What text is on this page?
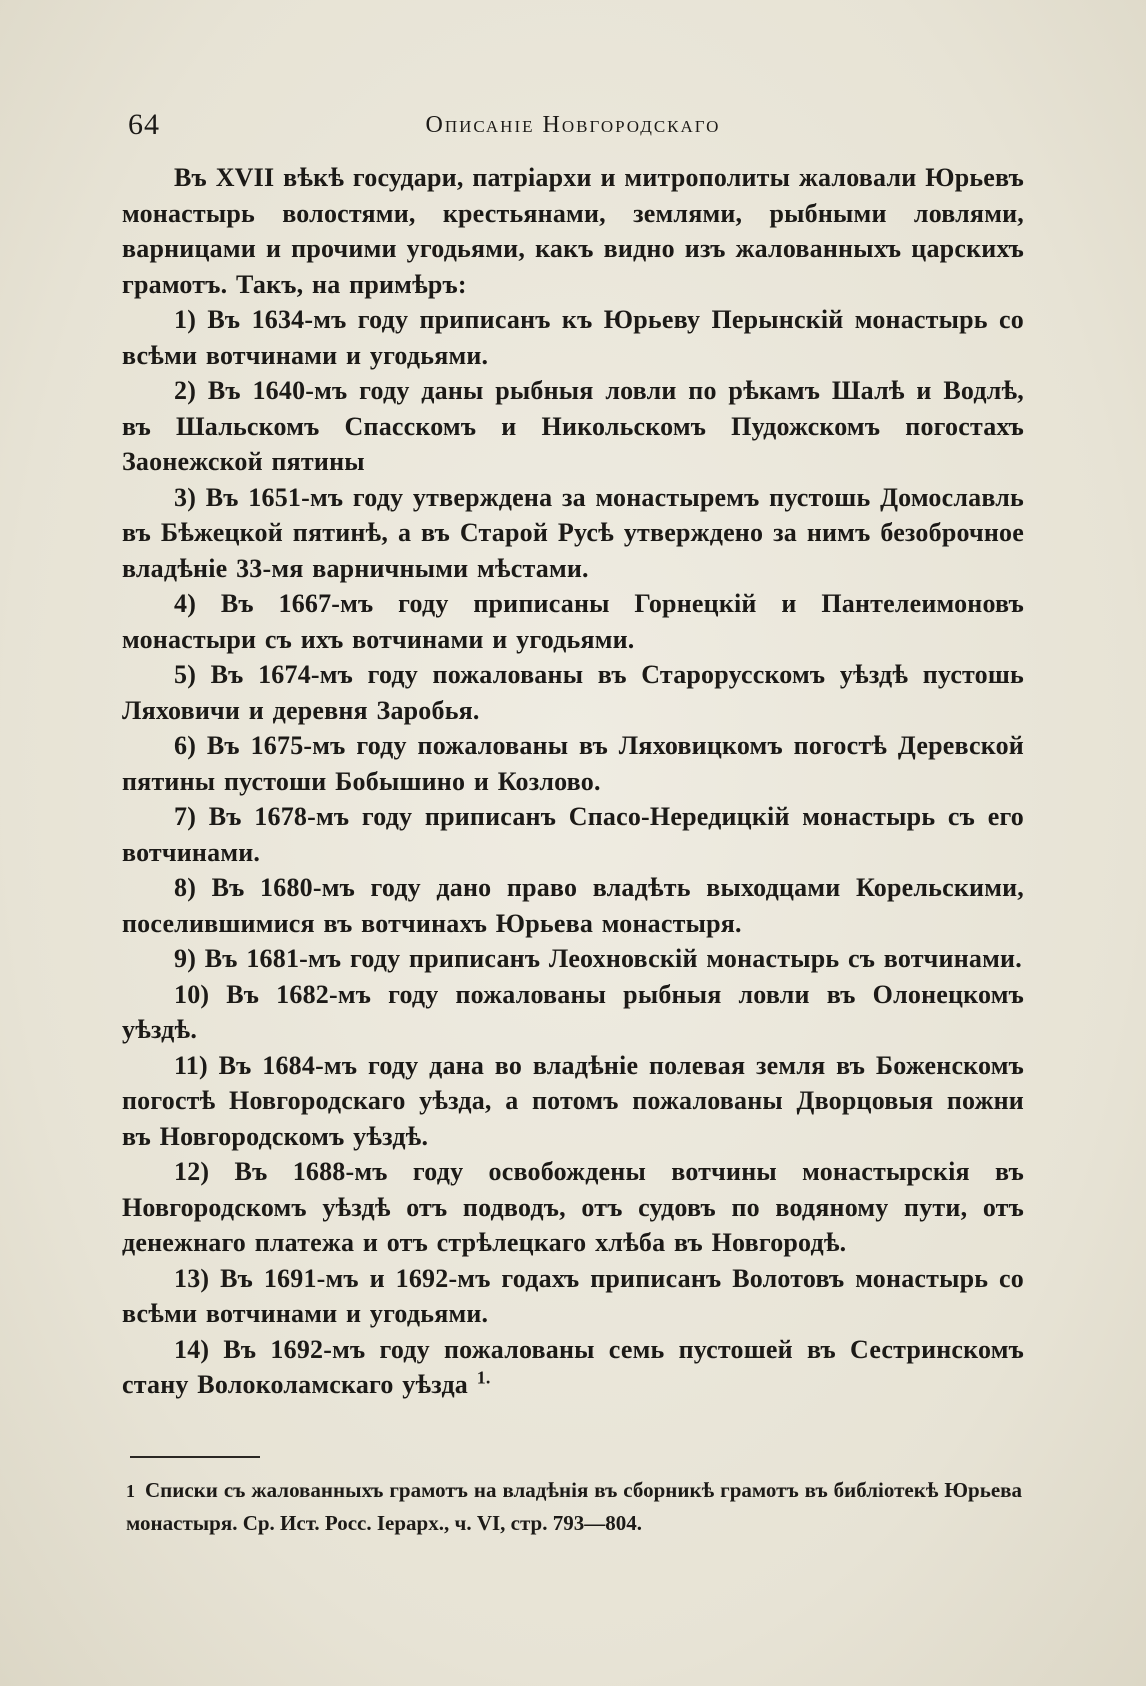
64	Описанiе Новгородскаго

Въ XVII вѣкѣ государи, патрiархи и митрополиты жаловали Юрьевъ монастырь волостями, крестьянами, землями, рыбными ловлями, варницами и прочими угодьями, какъ видно изъ жалованныхъ царскихъ грамотъ. Такъ, на примѣръ:

1) Въ 1634-мъ году приписанъ къ Юрьеву Перынскiй монастырь со всѣми вотчинами и угодьями.

2) Въ 1640-мъ году даны рыбныя ловли по рѣкамъ Шалѣ и Водлѣ, въ Шальскомъ Спасскомъ и Никольскомъ Пудожскомъ погостахъ Заонежской пятины

3) Въ 1651-мъ году утверждена за монастыремъ пустошь Домославль въ Бѣжецкой пятинѣ, а въ Старой Русѣ утверждено за нимъ безоброчное владѣнiе 33-мя варничными мѣстами.

4) Въ 1667-мъ году приписаны Горнецкiй и Пантелеимоновъ монастыри съ ихъ вотчинами и угодьями.

5) Въ 1674-мъ году пожалованы въ Старорусскомъ уѣздѣ пустошь Ляховичи и деревня Заробья.

6) Въ 1675-мъ году пожалованы въ Ляховицкомъ погостѣ Деревской пятины пустоши Бобышино и Козлово.

7) Въ 1678-мъ году приписанъ Спасо-Нередицкiй монастырь съ его вотчинами.

8) Въ 1680-мъ году дано право владѣть выходцами Корельскими, поселившимися въ вотчинахъ Юрьева монастыря.

9) Въ 1681-мъ году приписанъ Леохновскiй монастырь съ вотчинами.

10) Въ 1682-мъ году пожалованы рыбныя ловли въ Олонецкомъ уѣздѣ.

11) Въ 1684-мъ году дана во владѣнiе полевая земля въ Боженскомъ погостѣ Новгородскаго уѣзда, а потомъ пожалованы Дворцовыя пожни въ Новгородскомъ уѣздѣ.

12) Въ 1688-мъ году освобождены вотчины монастырскiя въ Новгородскомъ уѣздѣ отъ подводъ, отъ судовъ по водяному пути, отъ денежнаго платежа и отъ стрѣлецкаго хлѣба въ Новгородѣ.

13) Въ 1691-мъ и 1692-мъ годахъ приписанъ Волотовъ монастырь со всѣми вотчинами и угодьями.

14) Въ 1692-мъ году пожалованы семь пустошей въ Сестринскомъ стану Волоколамскаго уѣзда $^{1.}$

1 Списки съ жалованныхъ грамотъ на владѣнiя въ сборникѣ грамотъ въ библiотекѣ Юрьева монастыря. Ср. Ист. Росс. Iерарх., ч. VI, стр. 793—804.
